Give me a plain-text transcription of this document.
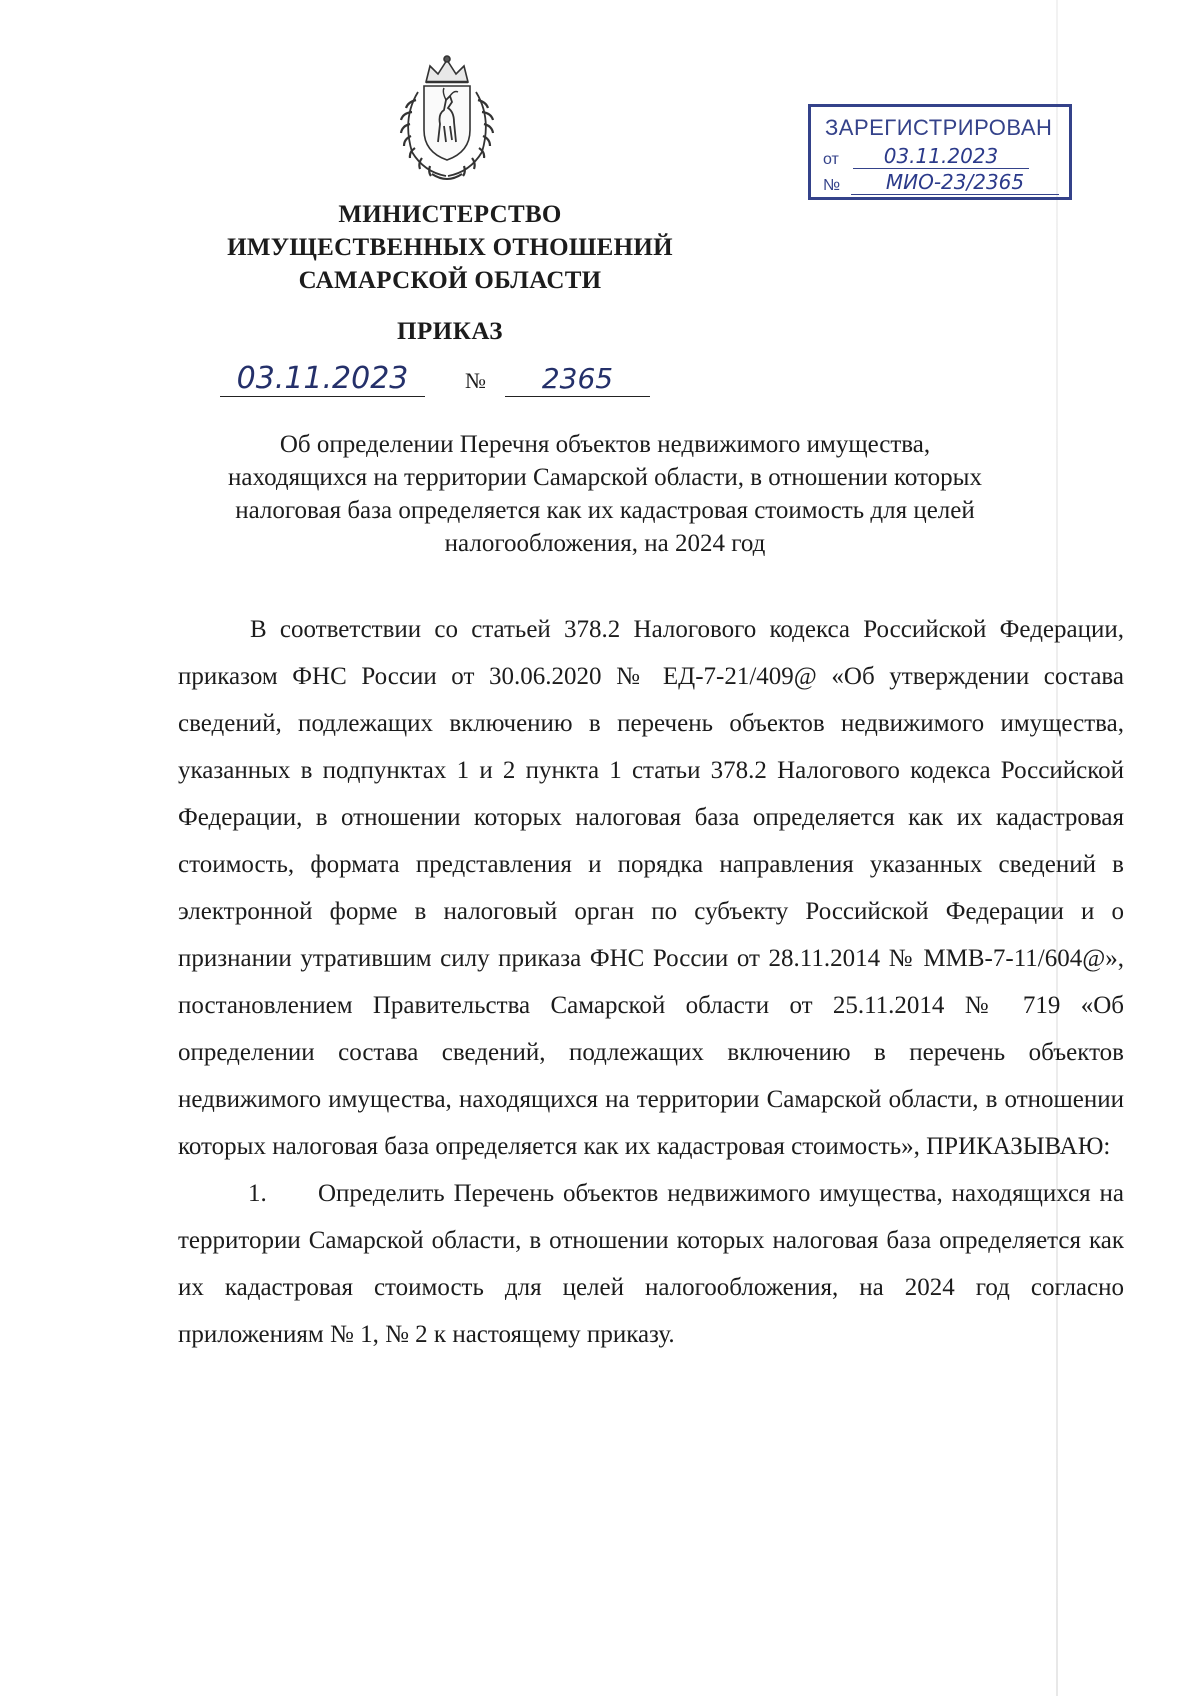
МИНИСТЕРСТВО
ИМУЩЕСТВЕННЫХ ОТНОШЕНИЙ
САМАРСКОЙ ОБЛАСТИ
ПРИКАЗ
03.11.2023	№	2365
ЗАРЕГИСТРИРОВАН
от	03.11.2023
№	МИО-23/2365
Об определении Перечня объектов недвижимого имущества,
находящихся на территории Самарской области, в отношении которых
налоговая база определяется как их кадастровая стоимость для целей
налогообложения, на 2024 год

В соответствии со статьей 378.2 Налогового кодекса Российской Федерации, приказом ФНС России от 30.06.2020 № ЕД-7-21/409@ «Об утверждении состава сведений, подлежащих включению в перечень объектов недвижимого имущества, указанных в подпунктах 1 и 2 пункта 1 статьи 378.2 Налогового кодекса Российской Федерации, в отношении которых налоговая база определяется как их кадастровая стоимость, формата представления и порядка направления указанных сведений в электронной форме в налоговый орган по субъекту Российской Федерации и о признании утратившим силу приказа ФНС России от 28.11.2014 № ММВ-7-11/604@», постановлением Правительства Самарской области от 25.11.2014 № 719 «Об определении состава сведений, подлежащих включению в перечень объектов недвижимого имущества, находящихся на территории Самарской области, в отношении которых налоговая база определяется как их кадастровая стоимость», ПРИКАЗЫВАЮ:

1. Определить Перечень объектов недвижимого имущества, находящихся на территории Самарской области, в отношении которых налоговая база определяется как их кадастровая стоимость для целей налогообложения, на 2024 год согласно приложениям № 1, № 2 к настоящему приказу.
